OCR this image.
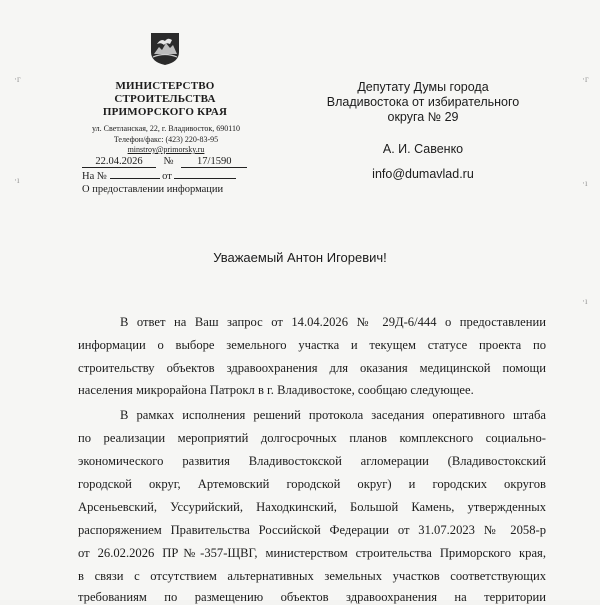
·г
·ı
·г
·ı
·ı
МИНИСТЕРСТВО
СТРОИТЕЛЬСТВА
ПРИМОРСКОГО КРАЯ
ул. Светланская, 22, г. Владивосток, 690110
Телефон/факс: (423) 220-83-95
minstroy@primorsky.ru
22.04.2026 № 17/1590
На №	от
О предоставлении информации
Депутату Думы города
Владивостока от избирательного
округа № 29
А. И. Савенко
info@dumavlad.ru
Уважаемый Антон Игоревич!
В ответ на Ваш запрос от 14.04.2026 № 29Д-6/444 о предоставлении
информации о выборе земельного участка и текущем статусе проекта по
строительству объектов здравоохранения для оказания медицинской помощи
населения микрорайона Патрокл в г. Владивостоке, сообщаю следующее.
В рамках исполнения решений протокола заседания оперативного штаба
по реализации мероприятий долгосрочных планов комплексного социально-
экономического развития Владивостокской агломерации (Владивостокский
городской округ, Артемовский городской округ) и городских округов
Арсеньевский, Уссурийский, Находкинский, Большой Камень, утвержденных
распоряжением Правительства Российской Федерации от 31.07.2023 № 2058-р
от 26.02.2026 ПР№-357-ЩВГ, министерством строительства Приморского края,
в связи с отсутствием альтернативных земельных участков соответствующих
требованиям по размещению объектов здравоохранения на территории
